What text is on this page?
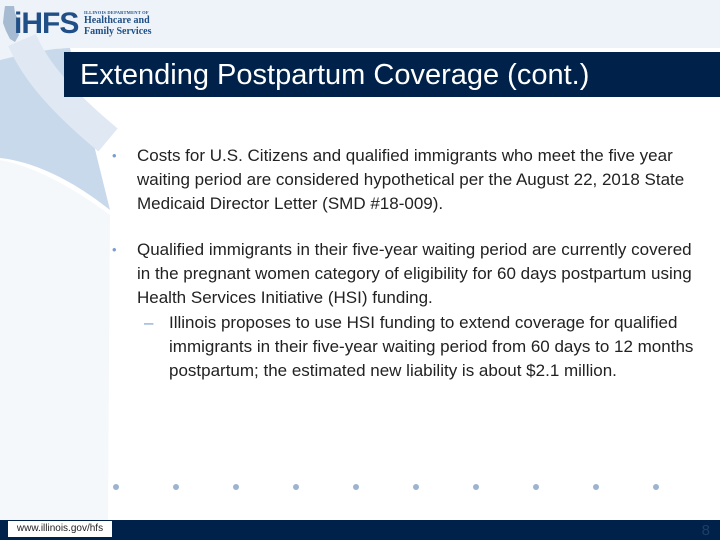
iHFS ILLINOIS DEPARTMENT OF
Healthcare and
Family Services
Extending Postpartum Coverage (cont.)
• Costs for U.S. Citizens and qualified immigrants who meet the five year waiting period are considered hypothetical per the August 22, 2018 State Medicaid Director Letter (SMD #18-009).
• Qualified immigrants in their five-year waiting period are currently covered in the pregnant women category of eligibility for 60 days postpartum using Health Services Initiative (HSI) funding.
– Illinois proposes to use HSI funding to extend coverage for qualified immigrants in their five-year waiting period from 60 days to 12 months postpartum; the estimated new liability is about $2.1 million.
www.illinois.gov/hfs	8
